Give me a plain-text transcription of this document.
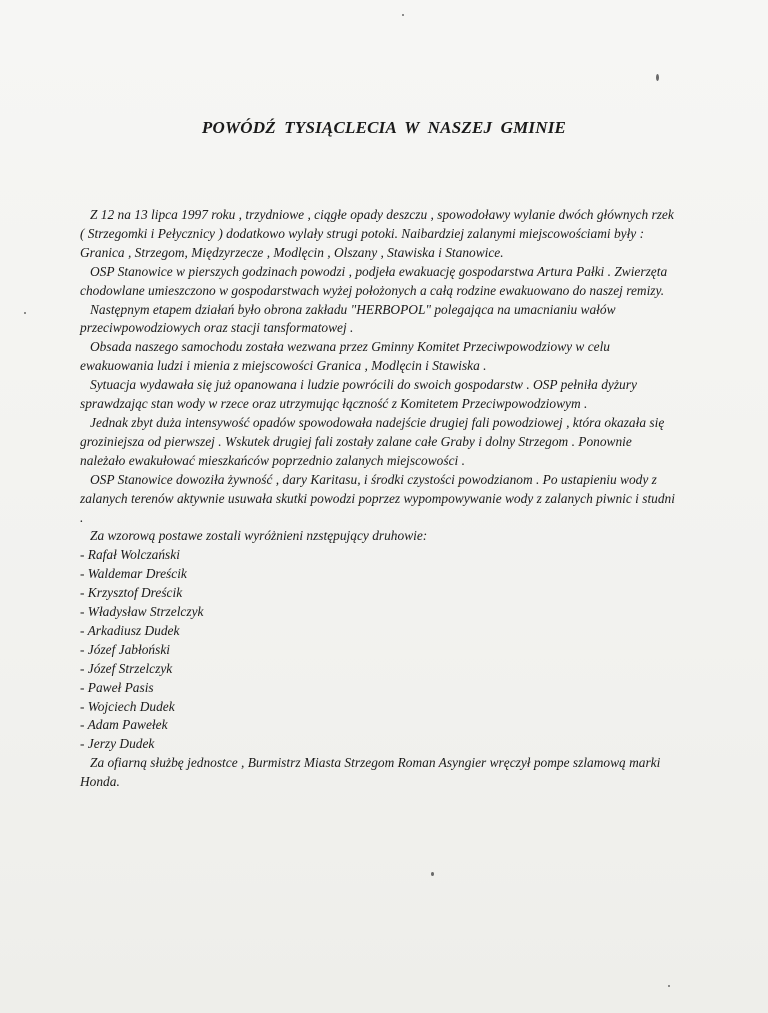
POWÓDŹ TYSIĄCLECIA W NASZEJ GMINIE

Z 12 na 13 lipca 1997 roku , trzydniowe , ciągłe opady deszczu , spowodoławy wylanie dwóch głównych rzek ( Strzegomki i Pełycznicy ) dodatkowo wylały strugi potoki. Naibardziej zalanymi miejscowościami były : Granica , Strzegom, Międzyrzecze , Modlęcin , Olszany , Stawiska i Stanowice.

OSP Stanowice w pierszych godzinach powodzi , podjeła ewakuację gospodarstwa Artura Pałki . Zwierzęta chodowlane umieszczono w gospodarstwach wyżej położonych a całą rodzine ewakuowano do naszej remizy.

Następnym etapem działań było obrona zakładu "HERBOPOL" polegająca na umacnianiu wałów przeciwpowodziowych oraz stacji tansformatowej .

Obsada naszego samochodu została wezwana przez Gminny Komitet Przeciwpowodziowy w celu ewakuowania ludzi i mienia z miejscowości Granica , Modlęcin i Stawiska .

Sytuacja wydawała się już opanowana i ludzie powrócili do swoich gospodarstw . OSP pełniła dyżury sprawdzając stan wody w rzece oraz utrzymując łączność z Komitetem Przeciwpowodziowym .

Jednak zbyt duża intensywość opadów spowodowała nadejście drugiej fali powodziowej , która okazała się groziniejsza od pierwszej . Wskutek drugiej fali zostały zalane całe Graby i dolny Strzegom . Ponownie należało ewakułować mieszkańców poprzednio zalanych miejscowości .

OSP Stanowice dowoziła żywność , dary Karitasu, i środki czystości powodzianom . Po ustapieniu wody z zalanych terenów aktywnie usuwała skutki powodzi poprzez wypompowywanie wody z zalanych piwnic i studni .

Za wzorową postawe zostali wyróżnieni nzstępujący druhowie:

- Rafał Wolczański
- Waldemar Dreścik
- Krzysztof Dreścik
- Władysław Strzelczyk
- Arkadiusz Dudek
- Józef Jabłoński
- Józef Strzelczyk
- Paweł Pasis
- Wojciech Dudek
- Adam Pawełek
- Jerzy Dudek

Za ofiarną służbę jednostce , Burmistrz Miasta Strzegom Roman Asyngier wręczył pompe szlamową marki Honda.
